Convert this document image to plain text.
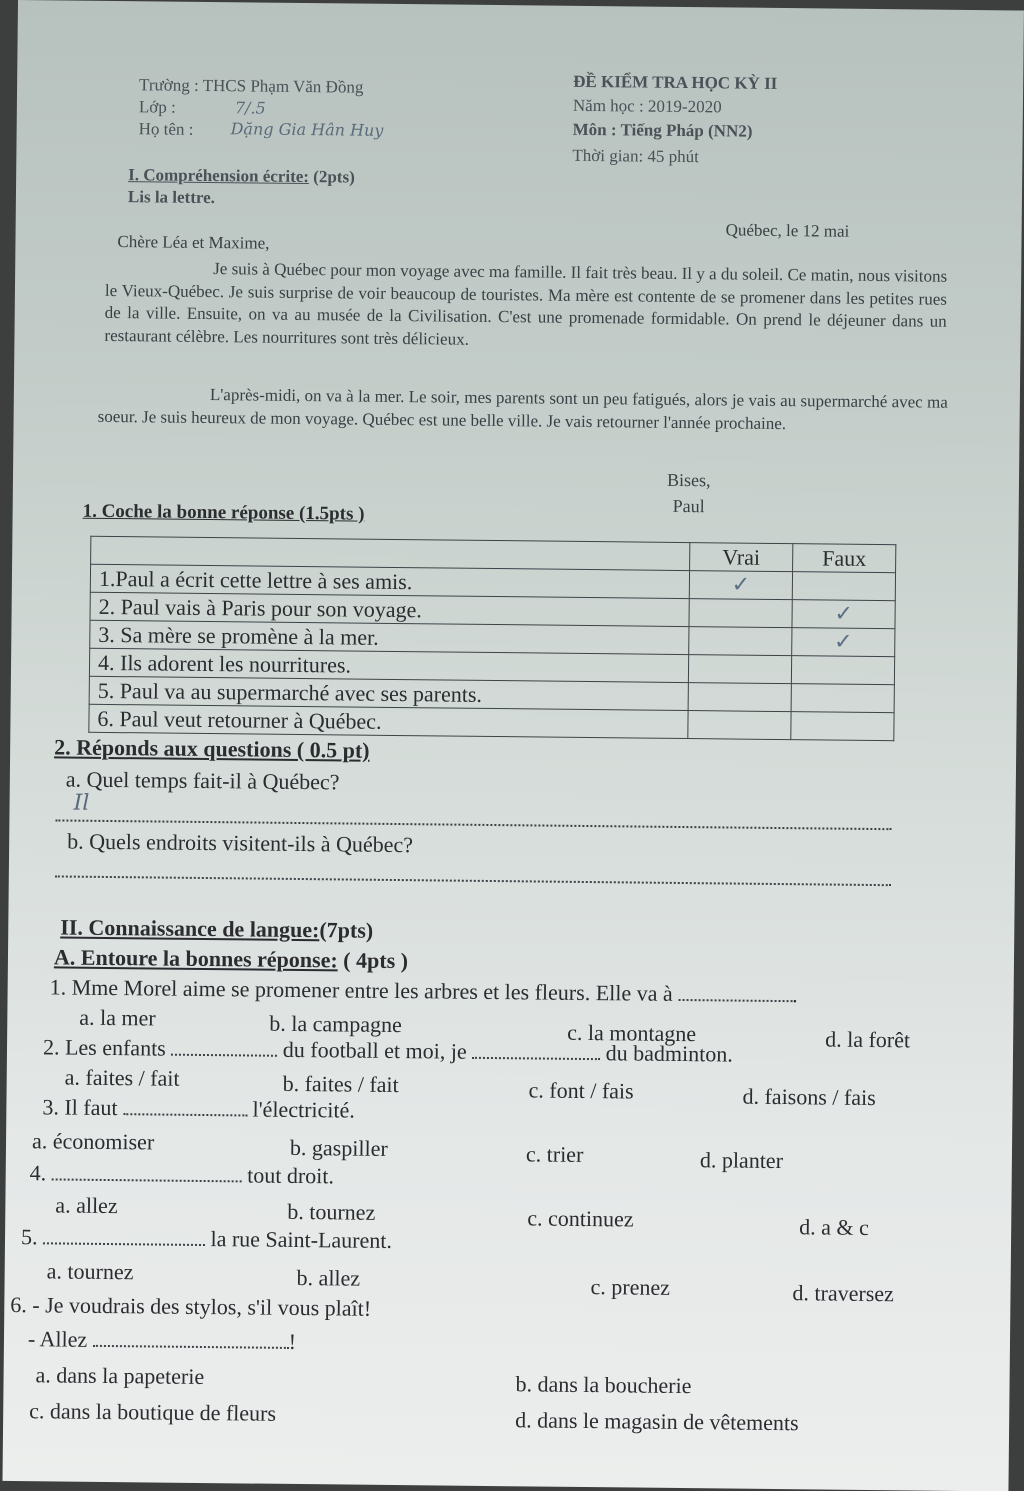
Trường : THCS Phạm Văn Đồng
Lớp :	7/.5
Họ tên : Dặng Gia Hân Huy
ĐỀ KIỂM TRA HỌC KỲ II
Năm học : 2019-2020
Môn : Tiếng Pháp (NN2)
Thời gian: 45 phút
I. Compréhension écrite: (2pts)
Lis la lettre.
Québec, le 12 mai
Chère Léa et Maxime,
Je suis à Québec pour mon voyage avec ma famille. Il fait très beau. Il y a du soleil. Ce matin, nous visitons le Vieux-Québec. Je suis surprise de voir beaucoup de touristes. Ma mère est contente de se promener dans les petites rues de la ville. Ensuite, on va au musée de la Civilisation. C'est une promenade formidable. On prend le déjeuner dans un restaurant célèbre. Les nourritures sont très délicieux.
L'après-midi, on va à la mer. Le soir, mes parents sont un peu fatigués, alors je vais au supermarché avec ma soeur. Je suis heureux de mon voyage. Québec est une belle ville. Je vais retourner l'année prochaine.
Bises,
Paul
1. Coche la bonne réponse (1.5pts )
	Vrai	Faux
1.Paul a écrit cette lettre à ses amis.	✓	
2. Paul vais à Paris pour son voyage.		✓
3. Sa mère se promène à la mer.		✓
4. Ils adorent les nourritures.		
5. Paul va au supermarché avec ses parents.		
6. Paul veut retourner à Québec.		
2. Réponds aux questions ( 0.5 pt)
a. Quel temps fait-il à Québec?
Il
b. Quels endroits visitent-ils à Québec?
II. Connaissance de langue:(7pts)
A. Entoure la bonnes réponse: ( 4pts )
1. Mme Morel aime se promener entre les arbres et les fleurs. Elle va à	.
a. la mer	b. la campagne	c. la montagne	d. la forêt
2. Les enfants	du football et moi, je	du badminton.
a. faites / fait	b. faites / fait	c. font / fais	d. faisons / fais
3. Il faut	l'électricité.
a. économiser	b. gaspiller	c. trier	d. planter
4.	tout droit.
a. allez	b. tournez	c. continuez	d. a & c
5.	la rue Saint-Laurent.
a. tournez	b. allez	c. prenez	d. traversez
6. - Je voudrais des stylos, s'il vous plaît!
- Allez	!
a. dans la papeterie	b. dans la boucherie
c. dans la boutique de fleurs	d. dans le magasin de vêtements
